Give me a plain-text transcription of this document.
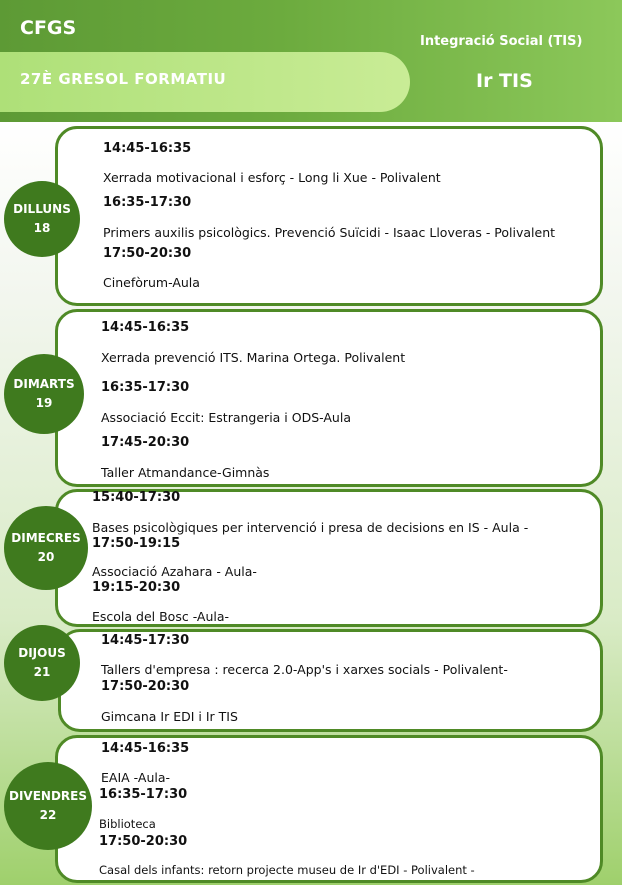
CFGS
27È GRESOL FORMATIU
Integració Social (TIS)
Ir TIS
DILLUNS
18
14:45-16:35
Xerrada motivacional i esforç - Long li Xue - Polivalent
16:35-17:30
Primers auxilis psicològics. Prevenció Suïcidi - Isaac Lloveras - Polivalent
17:50-20:30
Cinefòrum-Aula
DIMARTS
19
14:45-16:35
Xerrada prevenció ITS. Marina Ortega. Polivalent
16:35-17:30
Associació Eccit: Estrangeria i ODS-Aula
17:45-20:30
Taller Atmandance-Gimnàs
DIMECRES
20
15:40-17:30
Bases psicològiques per intervenció i presa de decisions en IS - Aula -
17:50-19:15
Associació Azahara - Aula-
19:15-20:30
Escola del Bosc -Aula-
DIJOUS
21
14:45-17:30
Tallers d'empresa : recerca 2.0-App's i xarxes socials - Polivalent-
17:50-20:30
Gimcana Ir EDI i Ir TIS
DIVENDRES
22
14:45-16:35
EAIA -Aula-
16:35-17:30
Biblioteca
17:50-20:30
Casal dels infants: retorn projecte museu de Ir d'EDI - Polivalent -
